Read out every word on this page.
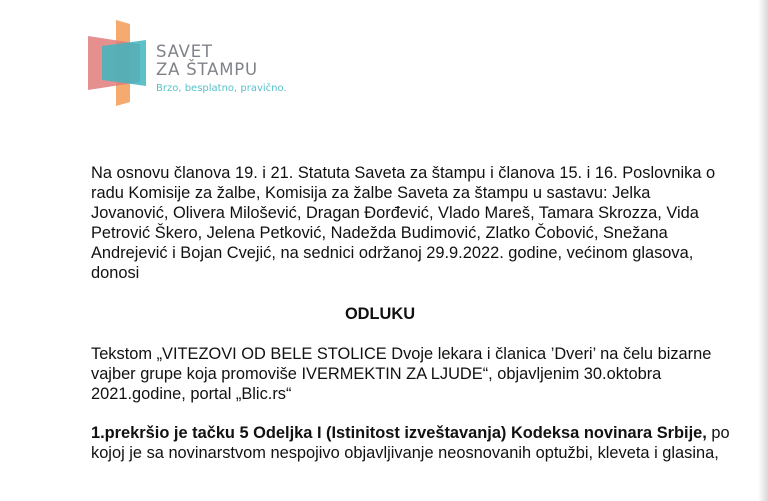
SAVET
ZA ŠTAMPU
Brzo, besplatno, pravično.

Na osnovu članova 19. i 21. Statuta Saveta za štampu i članova 15. i 16. Poslovnika o radu Komisije za žalbe, Komisija za žalbe Saveta za štampu u sastavu: Jelka Jovanović, Olivera Milošević, Dragan Đorđević, Vlado Mareš, Tamara Skrozza, Vida Petrović Škero, Jelena Petković, Nadežda Budimović, Zlatko Čobović, Snežana Andrejević i Bojan Cvejić, na sednici održanoj 29.9.2022. godine, većinom glasova, donosi

ODLUKU

Tekstom „VITEZOVI OD BELE STOLICE Dvoje lekara i članica ’Dveri’ na čelu bizarne vajber grupe koja promoviše IVERMEKTIN ZA LJUDE“, objavljenim 30.oktobra 2021.godine, portal „Blic.rs“

1.prekršio je tačku 5 Odeljka I (Istinitost izveštavanja) Kodeksa novinara Srbije, po kojoj je sa novinarstvom nespojivo objavljivanje neosnovanih optužbi, kleveta i glasina,
